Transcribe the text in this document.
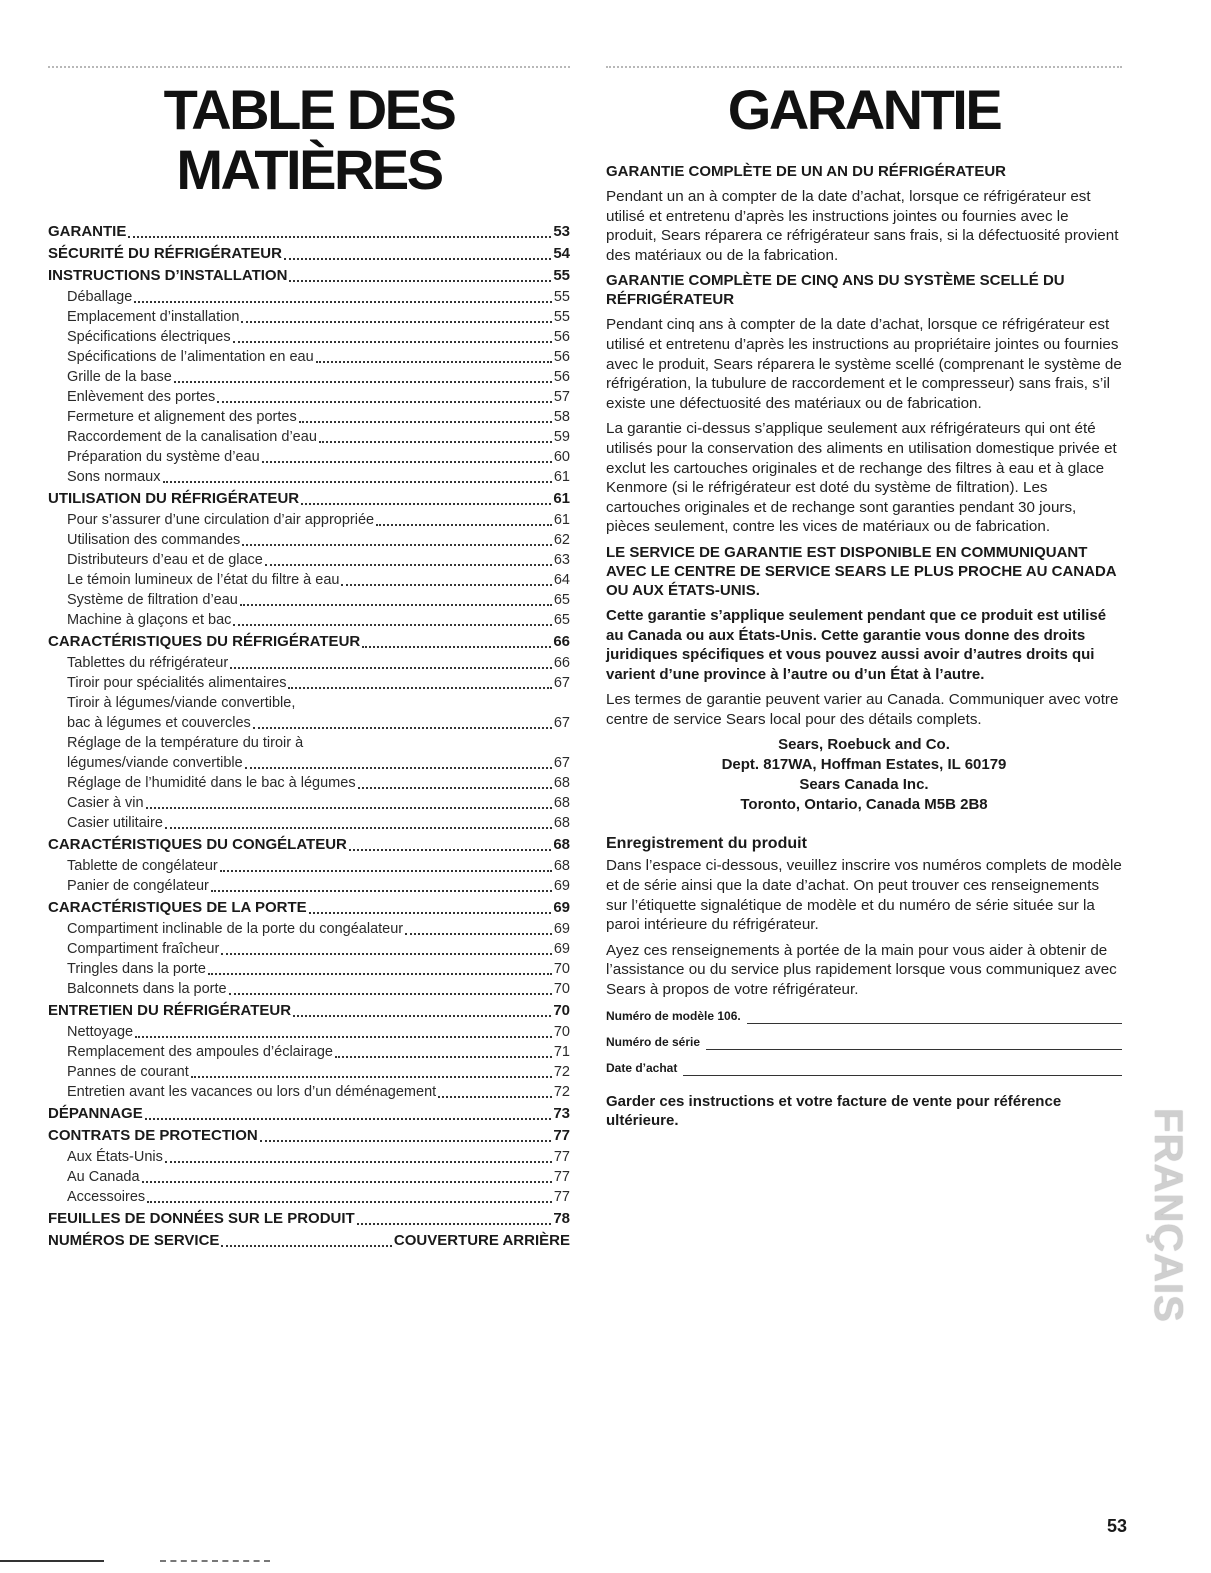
TABLE DES MATIÈRES
GARANTIE	53
SÉCURITÉ DU RÉFRIGÉRATEUR	54
INSTRUCTIONS D’INSTALLATION	55
Déballage	55
Emplacement d’installation	55
Spécifications électriques	56
Spécifications de l’alimentation en eau	56
Grille de la base	56
Enlèvement des portes	57
Fermeture et alignement des portes	58
Raccordement de la canalisation d’eau	59
Préparation du système d’eau	60
Sons normaux	61
UTILISATION DU RÉFRIGÉRATEUR	61
Pour s’assurer d’une circulation d’air appropriée	61
Utilisation des commandes	62
Distributeurs d’eau et de glace	63
Le témoin lumineux de l’état du filtre à eau	64
Système de filtration d’eau	65
Machine à glaçons et bac	65
CARACTÉRISTIQUES DU RÉFRIGÉRATEUR	66
Tablettes du réfrigérateur	66
Tiroir pour spécialités alimentaires	67
Tiroir à légumes/viande convertible,
bac à légumes et couvercles	67
Réglage de la température du tiroir à
légumes/viande convertible	67
Réglage de l’humidité dans le bac à légumes	68
Casier à vin	68
Casier utilitaire	68
CARACTÉRISTIQUES DU CONGÉLATEUR	68
Tablette de congélateur	68
Panier de congélateur	69
CARACTÉRISTIQUES DE LA PORTE	69
Compartiment inclinable de la porte du congéalateur	69
Compartiment fraîcheur	69
Tringles dans la porte	70
Balconnets dans la porte	70
ENTRETIEN DU RÉFRIGÉRATEUR	70
Nettoyage	70
Remplacement des ampoules d’éclairage	71
Pannes de courant	72
Entretien avant les vacances ou lors d’un déménagement	72
DÉPANNAGE	73
CONTRATS DE PROTECTION	77
Aux États-Unis	77
Au Canada	77
Accessoires	77
FEUILLES DE DONNÉES SUR LE PRODUIT	78
NUMÉROS DE SERVICE	COUVERTURE ARRIÈRE
GARANTIE
GARANTIE COMPLÈTE DE UN AN DU RÉFRIGÉRATEUR

Pendant un an à compter de la date d’achat, lorsque ce réfrigérateur est utilisé et entretenu d’après les instructions jointes ou fournies avec le produit, Sears réparera ce réfrigérateur sans frais, si la défectuosité provient des matériaux ou de la fabrication.

GARANTIE COMPLÈTE DE CINQ ANS DU SYSTÈME SCELLÉ DU RÉFRIGÉRATEUR

Pendant cinq ans à compter de la date d’achat, lorsque ce réfrigérateur est utilisé et entretenu d’après les instructions au propriétaire jointes ou fournies avec le produit, Sears réparera le système scellé (comprenant le système de réfrigération, la tubulure de raccordement et le compresseur) sans frais, s’il existe une défectuosité des matériaux ou de fabrication.

La garantie ci-dessus s’applique seulement aux réfrigérateurs qui ont été utilisés pour la conservation des aliments en utilisation domestique privée et exclut les cartouches originales et de rechange des filtres à eau et à glace Kenmore (si le réfrigérateur est doté du système de filtration). Les cartouches originales et de rechange sont garanties pendant 30 jours, pièces seulement, contre les vices de matériaux ou de fabrication.

LE SERVICE DE GARANTIE EST DISPONIBLE EN COMMUNIQUANT AVEC LE CENTRE DE SERVICE SEARS LE PLUS PROCHE AU CANADA OU AUX ÉTATS-UNIS.

Cette garantie s’applique seulement pendant que ce produit est utilisé au Canada ou aux États-Unis. Cette garantie vous donne des droits juridiques spécifiques et vous pouvez aussi avoir d’autres droits qui varient d’une province à l’autre ou d’un État à l’autre.

Les termes de garantie peuvent varier au Canada. Communiquer avec votre centre de service Sears local pour des détails complets.

Sears, Roebuck and Co.
Dept. 817WA, Hoffman Estates, IL 60179
Sears Canada Inc.
Toronto, Ontario, Canada M5B 2B8
Enregistrement du produit

Dans l’espace ci-dessous, veuillez inscrire vos numéros complets de modèle et de série ainsi que la date d’achat. On peut trouver ces renseignements sur l’étiquette signalétique de modèle et du numéro de série située sur la paroi intérieure du réfrigérateur.

Ayez ces renseignements à portée de la main pour vous aider à obtenir de l’assistance ou du service plus rapidement lorsque vous communiquez avec Sears à propos de votre réfrigérateur.

Numéro de modèle 106.
Numéro de série
Date d’achat

Garder ces instructions et votre facture de vente pour référence ultérieure.	FRANÇAIS
53
